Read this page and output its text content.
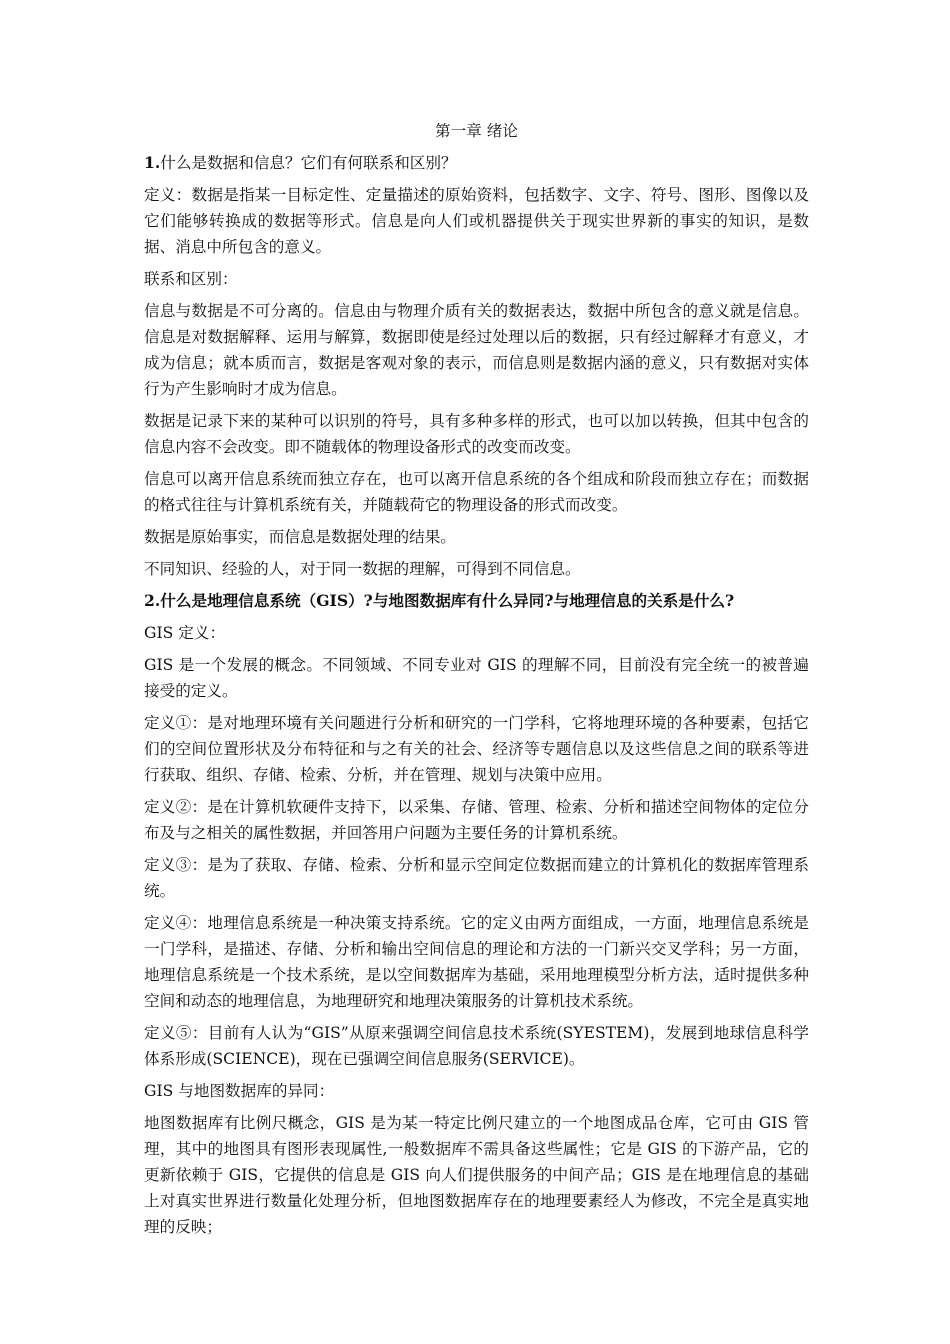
第一章 绪论
1.什么是数据和信息？它们有何联系和区别？

定义：数据是指某一目标定性、定量描述的原始资料，包括数字、文字、符号、图形、图像以及它们能够转换成的数据等形式。信息是向人们或机器提供关于现实世界新的事实的知识，是数据、消息中所包含的意义。

联系和区别：

信息与数据是不可分离的。信息由与物理介质有关的数据表达，数据中所包含的意义就是信息。信息是对数据解释、运用与解算，数据即使是经过处理以后的数据，只有经过解释才有意义，才成为信息；就本质而言，数据是客观对象的表示，而信息则是数据内涵的意义，只有数据对实体行为产生影响时才成为信息。

数据是记录下来的某种可以识别的符号，具有多种多样的形式，也可以加以转换，但其中包含的信息内容不会改变。即不随载体的物理设备形式的改变而改变。

信息可以离开信息系统而独立存在，也可以离开信息系统的各个组成和阶段而独立存在；而数据的格式往往与计算机系统有关，并随载荷它的物理设备的形式而改变。

数据是原始事实，而信息是数据处理的结果。

不同知识、经验的人，对于同一数据的理解，可得到不同信息。

2.什么是地理信息系统（GIS）?与地图数据库有什么异同?与地理信息的关系是什么?

GIS 定义：

GIS 是一个发展的概念。不同领域、不同专业对 GIS 的理解不同，目前没有完全统一的被普遍接受的定义。

定义①：是对地理环境有关问题进行分析和研究的一门学科，它将地理环境的各种要素，包括它们的空间位置形状及分布特征和与之有关的社会、经济等专题信息以及这些信息之间的联系等进行获取、组织、存储、检索、分析，并在管理、规划与决策中应用。

定义②：是在计算机软硬件支持下，以采集、存储、管理、检索、分析和描述空间物体的定位分布及与之相关的属性数据，并回答用户问题为主要任务的计算机系统。

定义③：是为了获取、存储、检索、分析和显示空间定位数据而建立的计算机化的数据库管理系统。

定义④：地理信息系统是一种决策支持系统。它的定义由两方面组成，一方面，地理信息系统是一门学科，是描述、存储、分析和输出空间信息的理论和方法的一门新兴交叉学科；另一方面，地理信息系统是一个技术系统，是以空间数据库为基础，采用地理模型分析方法，适时提供多种空间和动态的地理信息，为地理研究和地理决策服务的计算机技术系统。

定义⑤：目前有人认为“GIS”从原来强调空间信息技术系统(SYESTEM)，发展到地球信息科学体系形成(SCIENCE)，现在已强调空间信息服务(SERVICE)。

GIS 与地图数据库的异同：

地图数据库有比例尺概念，GIS 是为某一特定比例尺建立的一个地图成品仓库，它可由 GIS 管理，其中的地图具有图形表现属性,一般数据库不需具备这些属性；它是 GIS 的下游产品，它的更新依赖于 GIS，它提供的信息是 GIS 向人们提供服务的中间产品；GIS 是在地理信息的基础上对真实世界进行数量化处理分析，但地图数据库存在的地理要素经人为修改，不完全是真实地理的反映；
